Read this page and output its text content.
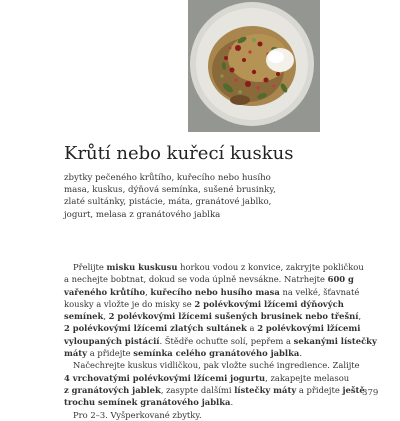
Krůtí nebo kuřecí kuskus
zbytky pečeného krůtího, kuřecího nebo husího
masa, kuskus, dýňová semínka, sušené brusinky,
zlaté sultánky, pistácie, máta, granátové jablko,
jogurt, melasa z granátového jablka
Přelijte misku kuskusu horkou vodou z konvice, zakryjte pokličkou
a nechejte bobtnat, dokud se voda úplně nevsákne. Natrhejte 600 g
vařeného krůtího, kuřecího nebo husího masa na velké, šťavnaté
kousky a vložte je do misky se 2 polévkovými lžícemi dýňových
semínek, 2 polévkovými lžícemi sušených brusinek nebo třešní,
2 polévkovými lžícemi zlatých sultánek a 2 polévkovými lžícemi
vyloupaných pistácií. Štědře ochuťte solí, pepřem a sekanými lístečky
máty a přidejte semínka celého granátového jablka.
Načechrejte kuskus vidličkou, pak vložte suché ingredience. Zalijte
4 vrchovatými polévkovými lžícemi jogurtu, zakapejte melasou
z granátových jablek, zasypte dalšími lístečky máty a přidejte ještě
trochu semínek granátového jablka.
Pro 2–3. Vyšperkované zbytky.
379
